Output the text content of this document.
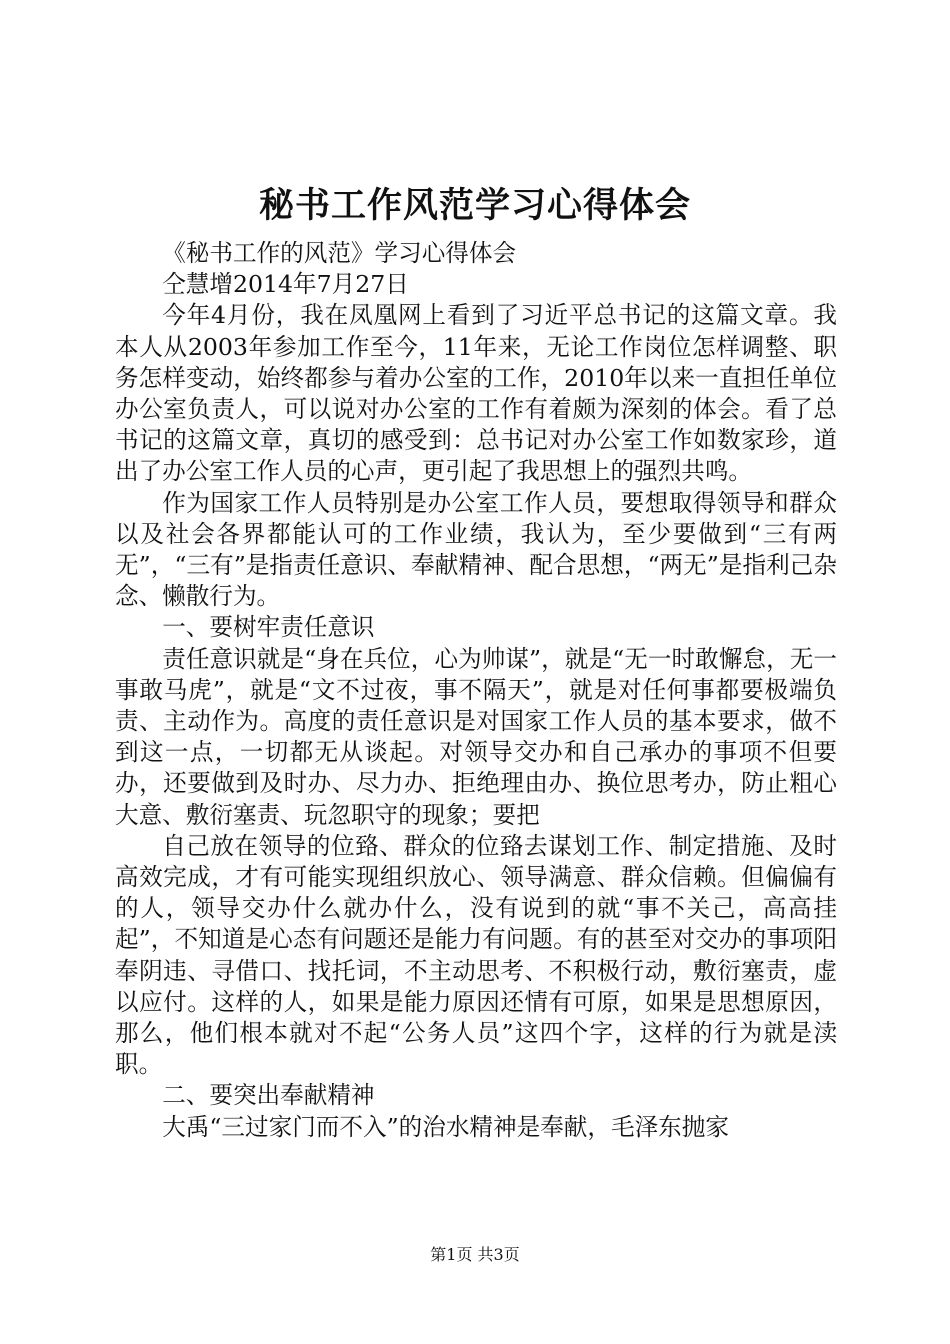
秘书工作风范学习心得体会

《秘书工作的风范》学习心得体会

仝慧增2014年7月27日

今年4月份，我在凤凰网上看到了习近平总书记的这篇文章。我本人从2003年参加工作至今，11年来，无论工作岗位怎样调整、职务怎样变动，始终都参与着办公室的工作，2010年以来一直担任单位办公室负责人，可以说对办公室的工作有着颇为深刻的体会。看了总书记的这篇文章，真切的感受到：总书记对办公室工作如数家珍，道出了办公室工作人员的心声，更引起了我思想上的强烈共鸣。

作为国家工作人员特别是办公室工作人员，要想取得领导和群众以及社会各界都能认可的工作业绩，我认为，至少要做到“三有两无”，“三有”是指责任意识、奉献精神、配合思想，“两无”是指利己杂念、懒散行为。

一、要树牢责任意识

责任意识就是“身在兵位，心为帅谋”，就是“无一时敢懈怠，无一事敢马虎”，就是“文不过夜，事不隔天”，就是对任何事都要极端负责、主动作为。高度的责任意识是对国家工作人员的基本要求，做不到这一点，一切都无从谈起。对领导交办和自己承办的事项不但要办，还要做到及时办、尽力办、拒绝理由办、换位思考办，防止粗心大意、敷衍塞责、玩忽职守的现象；要把

自己放在领导的位臵、群众的位臵去谋划工作、制定措施、及时高效完成，才有可能实现组织放心、领导满意、群众信赖。但偏偏有的人，领导交办什么就办什么，没有说到的就“事不关己，高高挂起”，不知道是心态有问题还是能力有问题。有的甚至对交办的事项阳奉阴违、寻借口、找托词，不主动思考、不积极行动，敷衍塞责，虚以应付。这样的人，如果是能力原因还情有可原，如果是思想原因，那么，他们根本就对不起“公务人员”这四个字，这样的行为就是渎职。

二、要突出奉献精神

大禹“三过家门而不入”的治水精神是奉献，毛泽东抛家

第1页 共3页
